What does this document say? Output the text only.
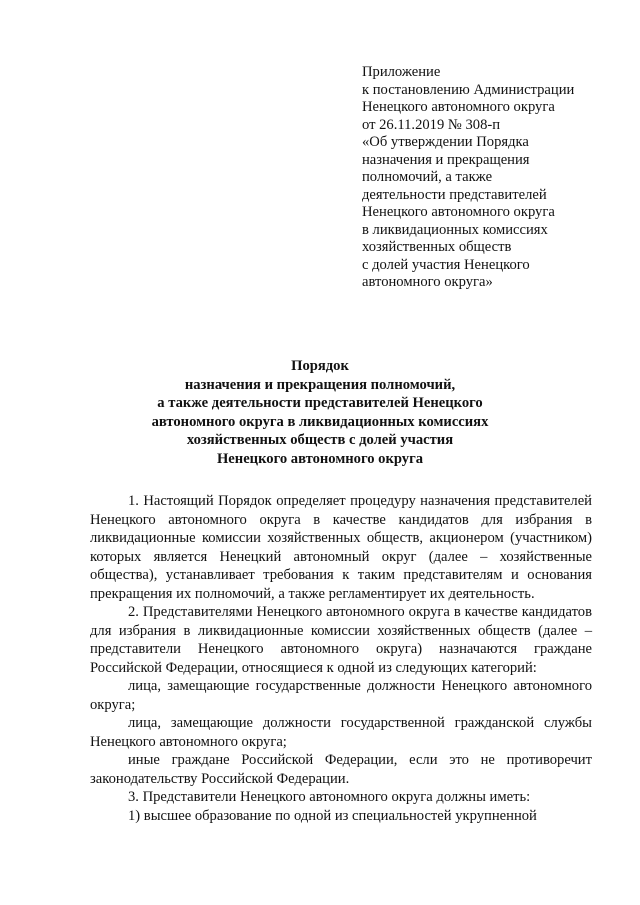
Приложение
к постановлению Администрации
Ненецкого автономного округа
от 26.11.2019 № 308-п
«Об утверждении Порядка
назначения и прекращения
полномочий, а также
деятельности представителей
Ненецкого автономного округа
в ликвидационных комиссиях
хозяйственных обществ
с долей участия Ненецкого
автономного округа»
Порядок
назначения и прекращения полномочий,
а также деятельности представителей Ненецкого
автономного округа в ликвидационных комиссиях
хозяйственных обществ с долей участия
Ненецкого автономного округа

1. Настоящий Порядок определяет процедуру назначения представителей Ненецкого автономного округа в качестве кандидатов для избрания в ликвидационные комиссии хозяйственных обществ, акционером (участником) которых является Ненецкий автономный округ (далее – хозяйственные общества), устанавливает требования к таким представителям и основания прекращения их полномочий, а также регламентирует их деятельность.

2. Представителями Ненецкого автономного округа в качестве кандидатов для избрания в ликвидационные комиссии хозяйственных обществ (далее – представители Ненецкого автономного округа) назначаются граждане Российской Федерации, относящиеся к одной из следующих категорий:

лица, замещающие государственные должности Ненецкого автономного округа;

лица, замещающие должности государственной гражданской службы Ненецкого автономного округа;

иные граждане Российской Федерации, если это не противоречит законодательству Российской Федерации.

3. Представители Ненецкого автономного округа должны иметь:

1) высшее образование по одной из специальностей укрупненной
